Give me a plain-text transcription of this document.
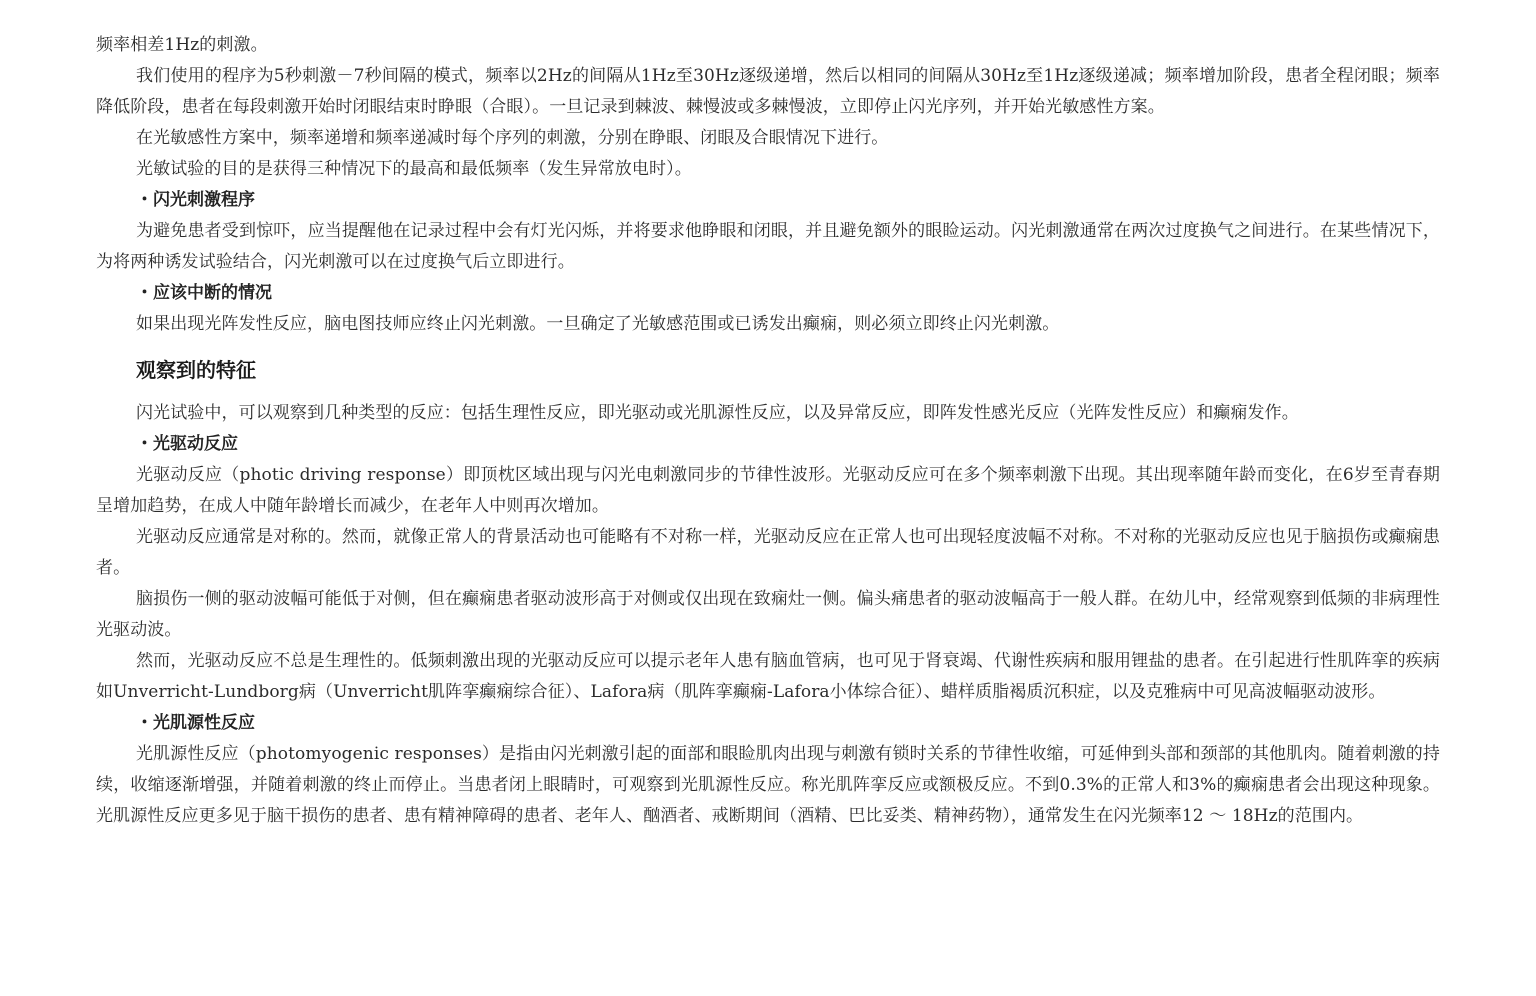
频率相差1Hz的刺激。

我们使用的程序为5秒刺激－7秒间隔的模式，频率以2Hz的间隔从1Hz至30Hz逐级递增，然后以相同的间隔从30Hz至1Hz逐级递减；频率增加阶段，患者全程闭眼；频率降低阶段，患者在每段刺激开始时闭眼结束时睁眼（合眼）。一旦记录到棘波、棘慢波或多棘慢波，立即停止闪光序列，并开始光敏感性方案。

在光敏感性方案中，频率递增和频率递减时每个序列的刺激，分别在睁眼、闭眼及合眼情况下进行。

光敏试验的目的是获得三种情况下的最高和最低频率（发生异常放电时）。

・闪光刺激程序

为避免患者受到惊吓，应当提醒他在记录过程中会有灯光闪烁，并将要求他睁眼和闭眼，并且避免额外的眼睑运动。闪光刺激通常在两次过度换气之间进行。在某些情况下，为将两种诱发试验结合，闪光刺激可以在过度换气后立即进行。

・应该中断的情况

如果出现光阵发性反应，脑电图技师应终止闪光刺激。一旦确定了光敏感范围或已诱发出癫痫，则必须立即终止闪光刺激。

观察到的特征

闪光试验中，可以观察到几种类型的反应：包括生理性反应，即光驱动或光肌源性反应，以及异常反应，即阵发性感光反应（光阵发性反应）和癫痫发作。

・光驱动反应

光驱动反应（photic driving response）即顶枕区域出现与闪光电刺激同步的节律性波形。光驱动反应可在多个频率刺激下出现。其出现率随年龄而变化，在6岁至青春期呈增加趋势，在成人中随年龄增长而减少，在老年人中则再次增加。

光驱动反应通常是对称的。然而，就像正常人的背景活动也可能略有不对称一样，光驱动反应在正常人也可出现轻度波幅不对称。不对称的光驱动反应也见于脑损伤或癫痫患者。

脑损伤一侧的驱动波幅可能低于对侧，但在癫痫患者驱动波形高于对侧或仅出现在致痫灶一侧。偏头痛患者的驱动波幅高于一般人群。在幼儿中，经常观察到低频的非病理性光驱动波。

然而，光驱动反应不总是生理性的。低频刺激出现的光驱动反应可以提示老年人患有脑血管病，也可见于肾衰竭、代谢性疾病和服用锂盐的患者。在引起进行性肌阵挛的疾病如Unverricht-Lundborg病（Unverricht肌阵挛癫痫综合征）、Lafora病（肌阵挛癫痫-Lafora小体综合征）、蜡样质脂褐质沉积症，以及克雅病中可见高波幅驱动波形。

・光肌源性反应

光肌源性反应（photomyogenic responses）是指由闪光刺激引起的面部和眼睑肌肉出现与刺激有锁时关系的节律性收缩，可延伸到头部和颈部的其他肌肉。随着刺激的持续，收缩逐渐增强，并随着刺激的终止而停止。当患者闭上眼睛时，可观察到光肌源性反应。称光肌阵挛反应或额极反应。不到0.3%的正常人和3%的癫痫患者会出现这种现象。光肌源性反应更多见于脑干损伤的患者、患有精神障碍的患者、老年人、酗酒者、戒断期间（酒精、巴比妥类、精神药物），通常发生在闪光频率12 ～ 18Hz的范围内。
